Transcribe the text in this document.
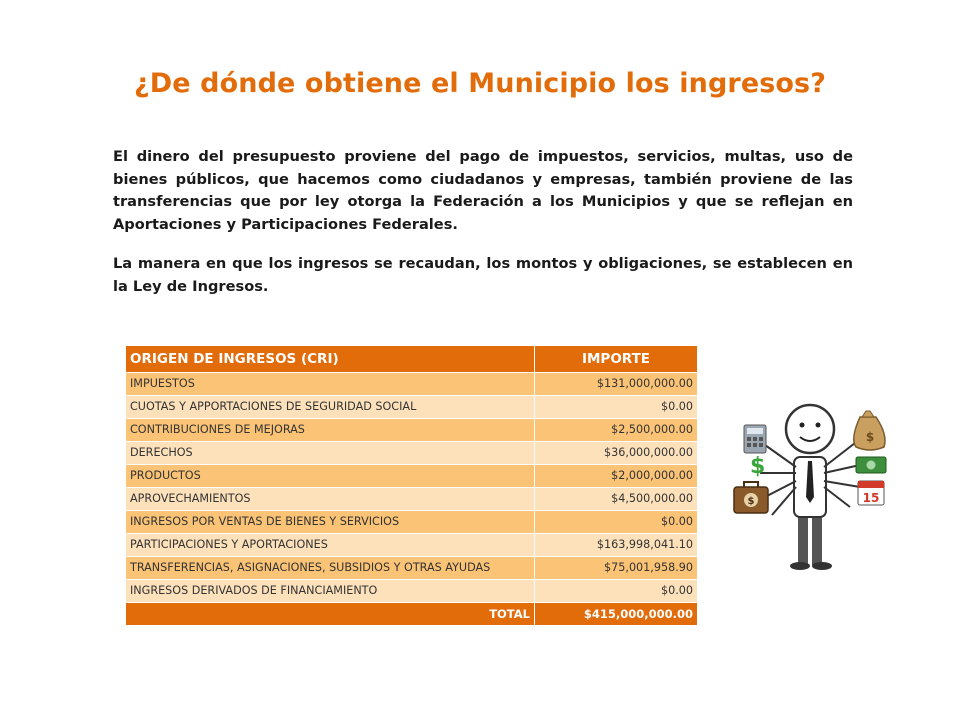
¿De dónde obtiene el Municipio los ingresos?

El dinero del presupuesto proviene del pago de impuestos, servicios, multas, uso de bienes públicos, que hacemos como ciudadanos y empresas, también proviene de las transferencias que por ley otorga la Federación a los Municipios y que se reflejan en Aportaciones y Participaciones Federales.

La manera en que los ingresos se recaudan, los montos y obligaciones, se establecen en la Ley de Ingresos.

ORIGEN DE INGRESOS (CRI)	IMPORTE
IMPUESTOS	$131,000,000.00
CUOTAS Y APPORTACIONES DE SEGURIDAD SOCIAL	$0.00
CONTRIBUCIONES DE MEJORAS	$2,500,000.00
DERECHOS	$36,000,000.00
PRODUCTOS	$2,000,000.00
APROVECHAMIENTOS	$4,500,000.00
INGRESOS POR VENTAS DE BIENES Y SERVICIOS	$0.00
PARTICIPACIONES Y APORTACIONES	$163,998,041.10
TRANSFERENCIAS, ASIGNACIONES, SUBSIDIOS Y OTRAS AYUDAS	$75,001,958.90
INGRESOS DERIVADOS DE FINANCIAMIENTO	$0.00
TOTAL	$415,000,000.00
$
$
15
$
